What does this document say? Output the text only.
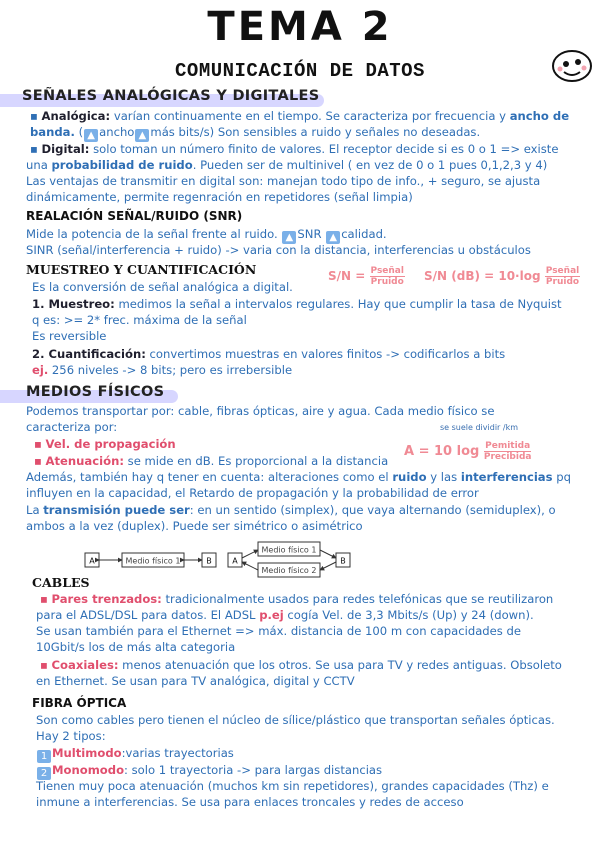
TEMA 2
COMUNICACIÓN DE DATOS
SEÑALES ANALÓGICAS Y DIGITALES
▪ Analógica: varían continuamente en el tiempo. Se caracteriza por frecuencia y ancho de
banda. ( ▲ ancho ▲ más bits/s) Son sensibles a ruido y señales no deseadas.
▪ Digital: solo toman un número finito de valores. El receptor decide si es 0 o 1 => existe
una probabilidad de ruido. Pueden ser de multinivel ( en vez de 0 o 1 pues 0,1,2,3 y 4)
Las ventajas de transmitir en digital son: manejan todo tipo de info., + seguro, se ajusta
dinámicamente, permite regenración en repetidores (señal limpia)
REALACIÓN SEÑAL/RUIDO (SNR)
Mide la potencia de la señal frente al ruido. ▲ SNR ▲ calidad.
SINR (señal/interferencia + ruido) -> varia con la distancia, interferencias u obstáculos
MUESTREO Y CUANTIFICACIÓN
Es la conversión de señal analógica a digital.
$S/N = \frac{\text{Pseñal}}{\text{Pruido}} S/N$ $(dB) = 10\cdot\log \frac{\text{Pseñal}}{\text{Pruido}}$
1. Muestreo: medimos la señal a intervalos regulares. Hay que cumplir la tasa de Nyquist
q es: >= 2* frec. máxima de la señal
Es reversible
2. Cuantificación: convertimos muestras en valores finitos -> codificarlos a bits
ej. 256 niveles -> 8 bits; pero es irrebersible
MEDIOS FÍSICOS
Podemos transportar por: cable, fibras ópticas, aire y agua. Cada medio físico se
caracteriza por:	se suele dividir /km
▪ Vel. de propagación
▪ Atenuación: se mide en dB. Es proporcional a la distancia
A = 10 $\log \frac{\text{Pemitida}}{\text{Precibida}}$
Además, también hay q tener en cuenta: alteraciones como el ruido y las interferencias pq
influyen en la capacidad, el Retardo de propagación y la probabilidad de error
La transmisión puede ser: en un sentido (simplex), que vaya alternando (semiduplex), o
ambos a la vez (duplex). Puede ser simétrico o asimétrico
A	Medio físico 1	B	A
Medio físico 1
Medio físico 2
B
CABLES
▪ Pares trenzados: tradicionalmente usados para redes telefónicas que se reutilizaron
para el ADSL/DSL para datos. El ADSL p.ej cogía Vel. de 3,3 Mbits/s (Up) y 24 (down).
Se usan también para el Ethernet => máx. distancia de 100 m con capacidades de
10Gbit/s los de más alta categoria
▪ Coaxiales: menos atenuación que los otros. Se usa para TV y redes antiguas. Obsoleto
en Ethernet. Se usan para TV analógica, digital y CCTV
FIBRA ÓPTICA
Son como cables pero tienen el núcleo de sílice/plástico que transportan señales ópticas.
Hay 2 tipos:
1 Multimodo:varias trayectorias
2 Monomodo: solo 1 trayectoria -> para largas distancias
Tienen muy poca atenuación (muchos km sin repetidores), grandes capacidades (Thz) e
inmune a interferencias. Se usa para enlaces troncales y redes de acceso
